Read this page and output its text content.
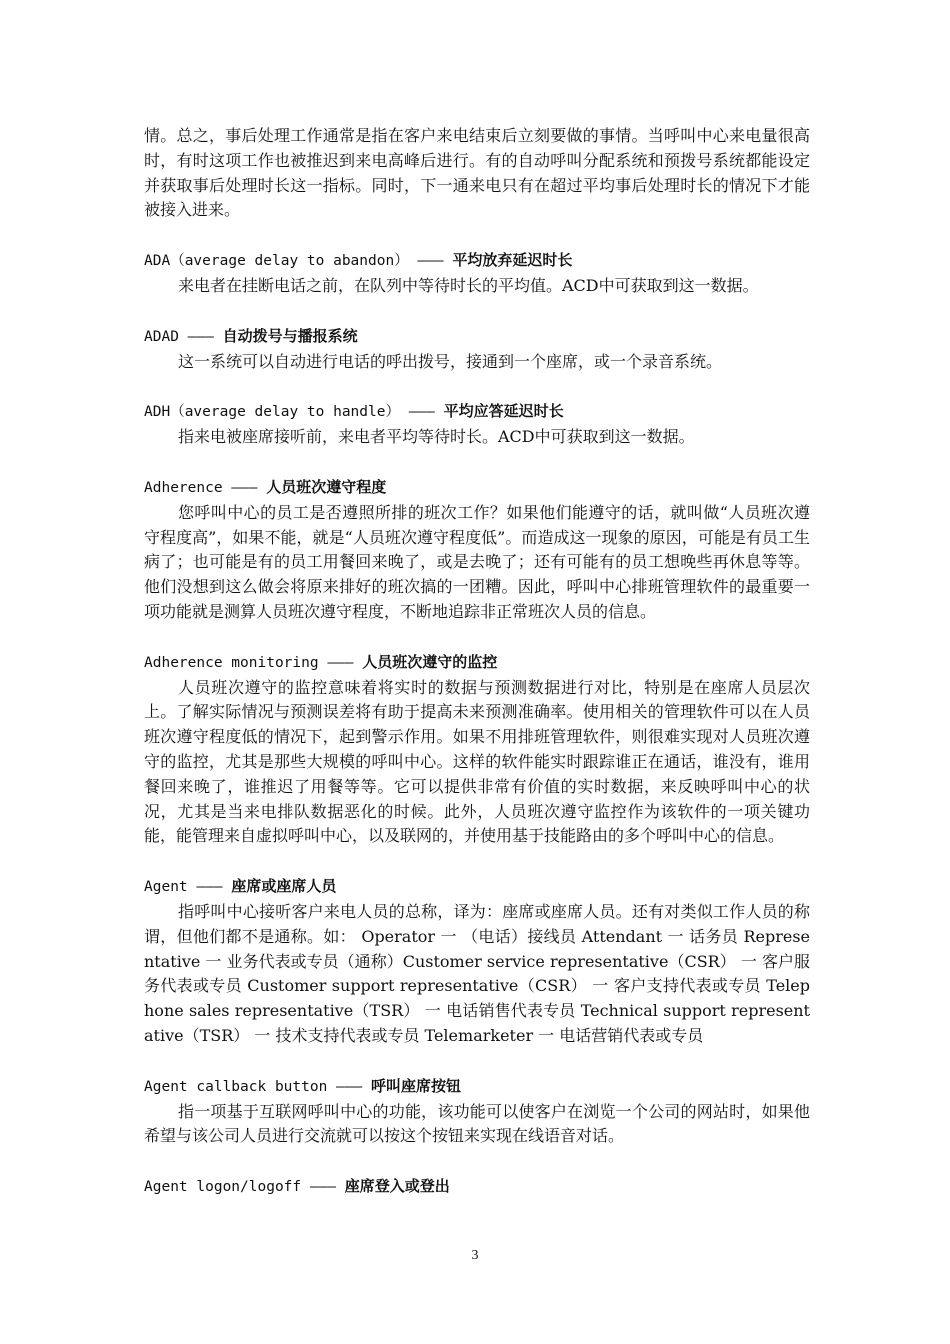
情。总之，事后处理工作通常是指在客户来电结束后立刻要做的事情。当呼叫中心来电量很高时，有时这项工作也被推迟到来电高峰后进行。有的自动呼叫分配系统和预拨号系统都能设定并获取事后处理时长这一指标。同时，下一通来电只有在超过平均事后处理时长的情况下才能被接入进来。

ADA（average delay to abandon） ——— 平均放弃延迟时长

来电者在挂断电话之前，在队列中等待时长的平均值。ACD中可获取到这一数据。

ADAD ——— 自动拨号与播报系统

这一系统可以自动进行电话的呼出拨号，接通到一个座席，或一个录音系统。

ADH（average delay to handle） ——— 平均应答延迟时长

指来电被座席接听前，来电者平均等待时长。ACD中可获取到这一数据。

Adherence ——— 人员班次遵守程度

您呼叫中心的员工是否遵照所排的班次工作？如果他们能遵守的话，就叫做“人员班次遵守程度高”，如果不能，就是“人员班次遵守程度低”。而造成这一现象的原因，可能是有员工生病了；也可能是有的员工用餐回来晚了，或是去晚了；还有可能有的员工想晚些再休息等等。他们没想到这么做会将原来排好的班次搞的一团糟。因此，呼叫中心排班管理软件的最重要一项功能就是测算人员班次遵守程度，不断地追踪非正常班次人员的信息。

Adherence monitoring ——— 人员班次遵守的监控

人员班次遵守的监控意味着将实时的数据与预测数据进行对比，特别是在座席人员层次上。了解实际情况与预测误差将有助于提高未来预测准确率。使用相关的管理软件可以在人员班次遵守程度低的情况下，起到警示作用。如果不用排班管理软件，则很难实现对人员班次遵守的监控，尤其是那些大规模的呼叫中心。这样的软件能实时跟踪谁正在通话，谁没有，谁用餐回来晚了，谁推迟了用餐等等。它可以提供非常有价值的实时数据，来反映呼叫中心的状况，尤其是当来电排队数据恶化的时候。此外，人员班次遵守监控作为该软件的一项关键功能，能管理来自虚拟呼叫中心，以及联网的，并使用基于技能路由的多个呼叫中心的信息。

Agent ——— 座席或座席人员

指呼叫中心接听客户来电人员的总称，译为：座席或座席人员。还有对类似工作人员的称谓，但他们都不是通称。如： Operator 一 （电话）接线员 Attendant 一 话务员 Representative 一 业务代表或专员（通称）Customer service representative（CSR） 一 客户服务代表或专员 Customer support representative（CSR） 一 客户支持代表或专员 Telephone sales representative（TSR） 一 电话销售代表专员 Technical support representative（TSR） 一 技术支持代表或专员 Telemarketer 一 电话营销代表或专员

Agent callback button ——— 呼叫座席按钮

指一项基于互联网呼叫中心的功能，该功能可以使客户在浏览一个公司的网站时，如果他希望与该公司人员进行交流就可以按这个按钮来实现在线语音对话。

Agent logon/logoff ——— 座席登入或登出

3
